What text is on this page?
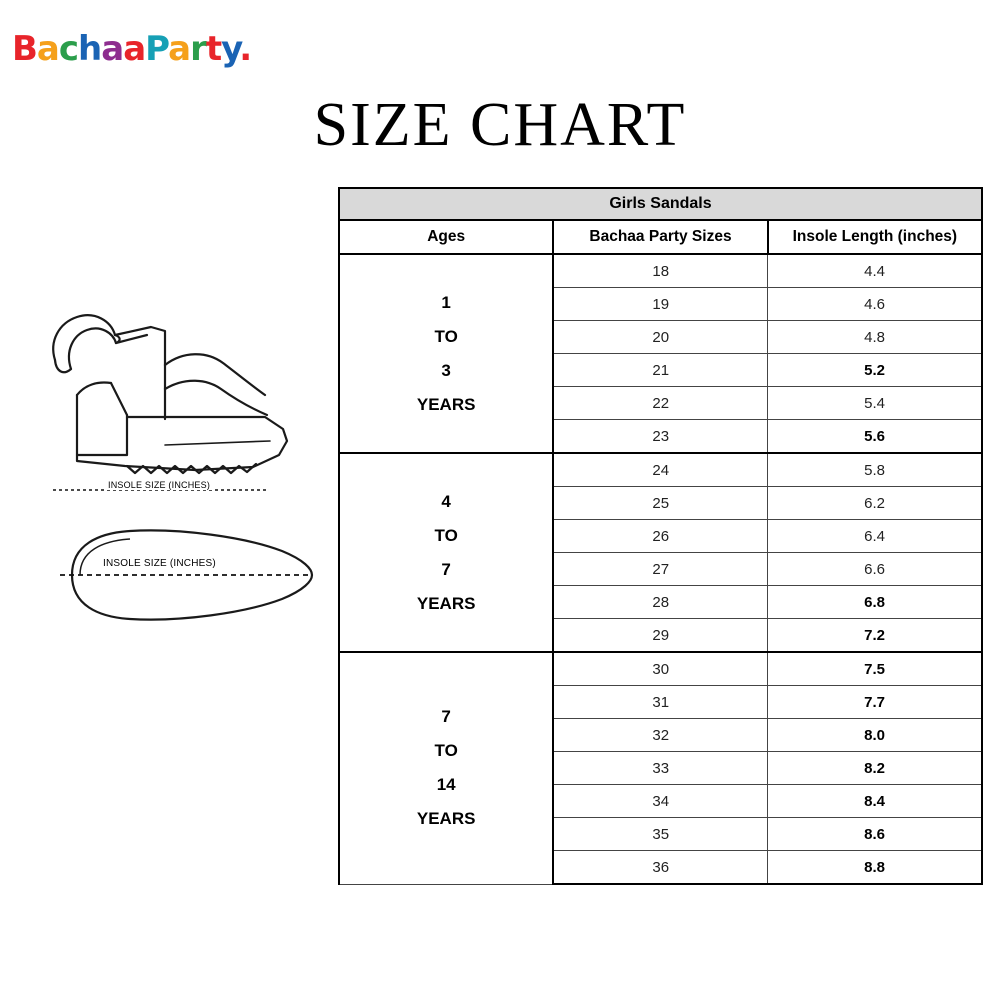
BachaaParty.
SIZE CHART
INSOLE SIZE (INCHES)
INSOLE SIZE (INCHES)
Girls Sandals		
Ages	Bachaa Party Sizes	Insole Length (inches)

1
TO
3
YEARS	18	4.4
	19	4.6
	20	4.8
	21	5.2
	22	5.4
	23	5.6

4
TO
7
YEARS	24	5.8
	25	6.2
	26	6.4
	27	6.6
	28	6.8
	29	7.2

7
TO
14
YEARS	30	7.5
	31	7.7
	32	8.0
	33	8.2
	34	8.4
	35	8.6
	36	8.8
